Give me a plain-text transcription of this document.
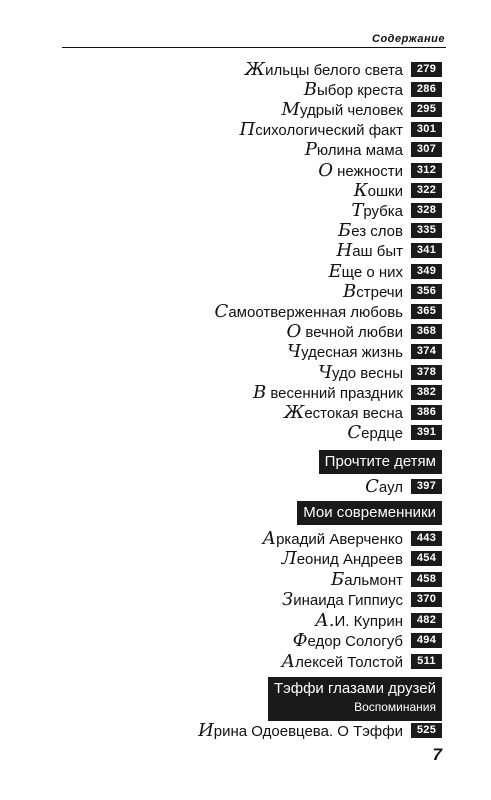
Содержание
Жильцы белого света	279
Выбор креста	286
Мудрый человек	295
Психологический факт	301
Рюлина мама	307
О нежности	312
Кошки	322
Трубка	328
Без слов	335
Наш быт	341
Еще о них	349
Встречи	356
Самоотверженная любовь	365
О вечной любви	368
Чудесная жизнь	374
Чудо весны	378
В весенний праздник	382
Жестокая весна	386
Сердце	391
Прочтите детям
Саул	397
Мои современники
Аркадий Аверченко	443
Леонид Андреев	454
Бальмонт	458
Зинаида Гиппиус	370
А.И. Куприн	482
Федор Сологуб	494
Алексей Толстой	511
Тэффи глазами друзей
Воспоминания
Ирина Одоевцева. О Тэффи	525
7
